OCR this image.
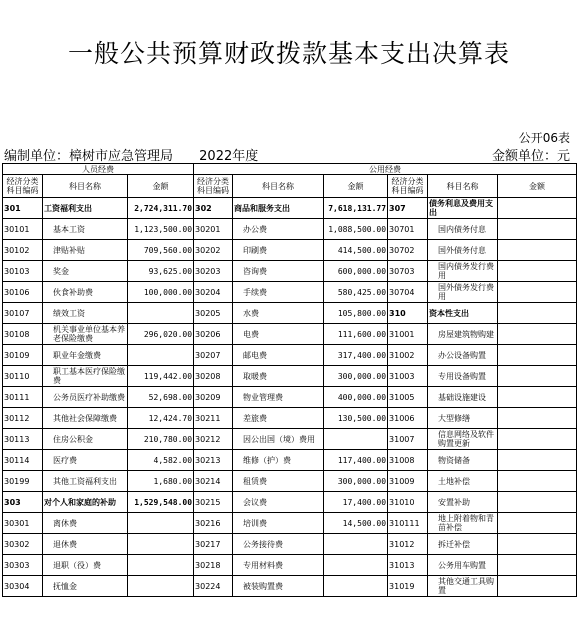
一般公共预算财政拨款基本支出决算表
公开06表
编制单位：樟树市应急管理局 2022年度	金额单位：元
人员经费			公用经费					
经济分类科目编码	科目名称	金额	经济分类科目编码	科目名称	金额	经济分类科目编码	科目名称	金额
301	工资福利支出	2,724,311.70	302	商品和服务支出	7,618,131.77	307	债务利息及费用支出	
30101	基本工资	1,123,500.00	30201	办公费	1,088,500.00	30701	国内债务付息	
30102	津贴补贴	709,560.00	30202	印刷费	414,500.00	30702	国外债务付息	
30103	奖金	93,625.00	30203	咨询费	600,000.00	30703	国内债务发行费用	
30106	伙食补助费	100,000.00	30204	手续费	580,425.00	30704	国外债务发行费用	
30107	绩效工资		30205	水费	105,800.00	310	资本性支出	
30108	机关事业单位基本养老保险缴费	296,020.00	30206	电费	111,600.00	31001	房屋建筑物购建	
30109	职业年金缴费		30207	邮电费	317,400.00	31002	办公设备购置	
30110	职工基本医疗保险缴费	119,442.00	30208	取暖费	300,000.00	31003	专用设备购置	
30111	公务员医疗补助缴费	52,698.00	30209	物业管理费	400,000.00	31005	基础设施建设	
30112	其他社会保障缴费	12,424.70	30211	差旅费	130,500.00	31006	大型修缮	
30113	住房公积金	210,780.00	30212	因公出国（境）费用		31007	信息网络及软件购置更新	
30114	医疗费	4,582.00	30213	维修（护）费	117,400.00	31008	物资储备	
30199	其他工资福利支出	1,680.00	30214	租赁费	300,000.00	31009	土地补偿	
303	对个人和家庭的补助	1,529,548.00	30215	会议费	17,400.00	31010	安置补助	
30301	离休费		30216	培训费	14,500.00	310111	地上附着物和青苗补偿	
30302	退休费		30217	公务接待费		31012	拆迁补偿	
30303	退职（役）费		30218	专用材料费		31013	公务用车购置	
30304	抚恤金		30224	被装购置费		31019	其他交通工具购置	
